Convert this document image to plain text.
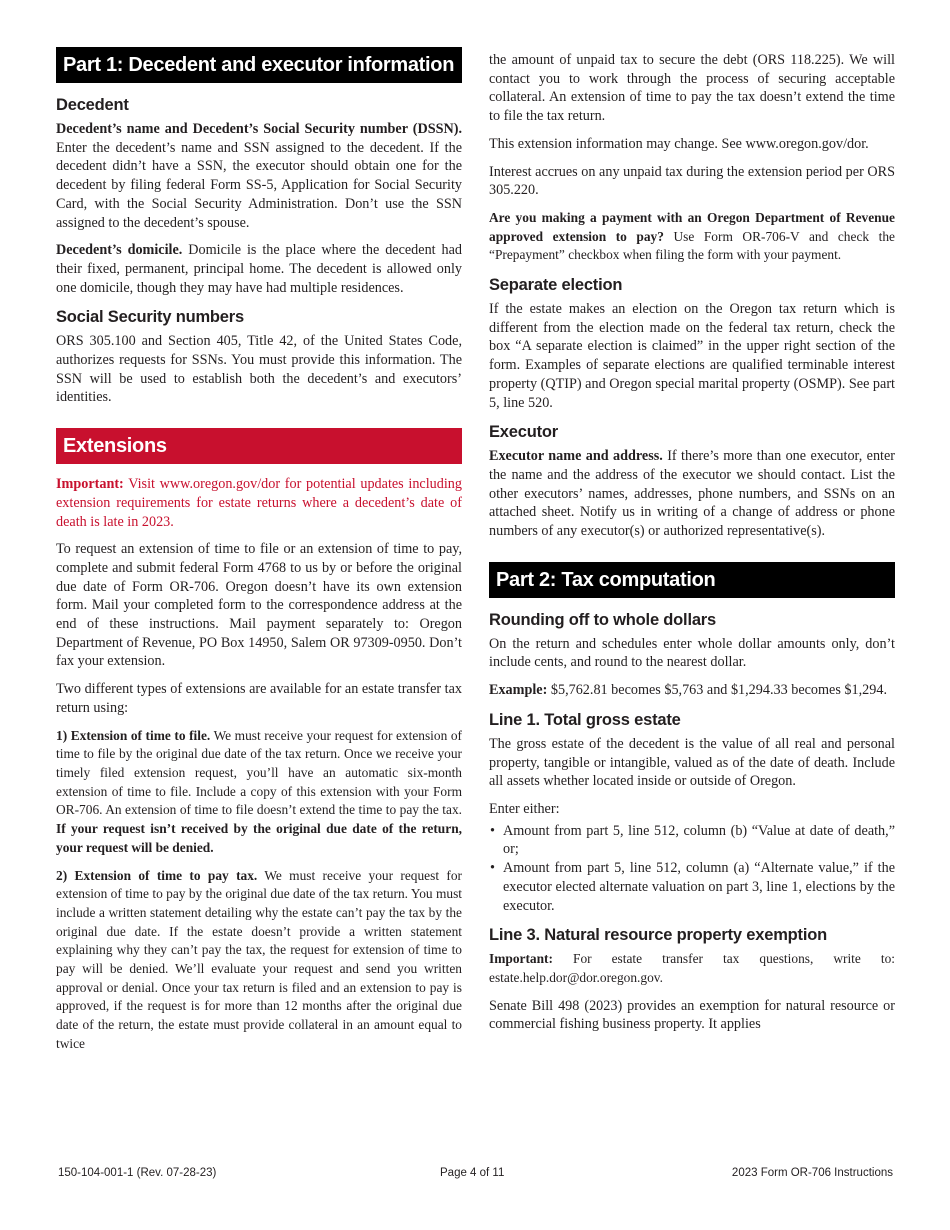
Part 1: Decedent and executor information
Decedent

Decedent’s name and Decedent’s Social Security number (DSSN). Enter the decedent’s name and SSN assigned to the decedent. If the decedent didn’t have a SSN, the executor should obtain one for the decedent by filing federal Form SS-5, Application for Social Security Card, with the Social Security Administration. Don’t use the SSN assigned to the decedent’s spouse.

Decedent’s domicile. Domicile is the place where the decedent had their fixed, permanent, principal home. The decedent is allowed only one domicile, though they may have had multiple residences.

Social Security numbers

ORS 305.100 and Section 405, Title 42, of the United States Code, authorizes requests for SSNs. You must provide this information. The SSN will be used to establish both the decedent’s and executors’ identities.

Extensions

Important: Visit www.oregon.gov/dor for potential updates including extension requirements for estate returns where a decedent’s date of death is late in 2023.

To request an extension of time to file or an extension of time to pay, complete and submit federal Form 4768 to us by or before the original due date of Form OR-706. Oregon doesn’t have its own extension form. Mail your completed form to the correspondence address at the end of these instructions. Mail payment separately to: Oregon Department of Revenue, PO Box 14950, Salem OR 97309-0950. Don’t fax your extension.

Two different types of extensions are available for an estate transfer tax return using:

1) Extension of time to file. We must receive your request for extension of time to file by the original due date of the tax return. Once we receive your timely filed extension request, you’ll have an automatic six-month extension of time to file. Include a copy of this extension with your Form OR-706. An extension of time to file doesn’t extend the time to pay the tax. If your request isn’t received by the original due date of the return, your request will be denied.

2) Extension of time to pay tax. We must receive your request for extension of time to pay by the original due date of the tax return. You must include a written statement detailing why the estate can’t pay the tax by the original due date. If the estate doesn’t provide a written statement explaining why they can’t pay the tax, the request for extension of time to pay will be denied. We’ll evaluate your request and send you written approval or denial. Once your tax return is filed and an extension to pay is approved, if the request is for more than 12 months after the original due date of the return, the estate must provide collateral in an amount equal to twice

the amount of unpaid tax to secure the debt (ORS 118.225). We will contact you to work through the process of securing acceptable collateral. An extension of time to pay the tax doesn’t extend the time to file the tax return.

This extension information may change. See www.oregon.gov/dor.

Interest accrues on any unpaid tax during the extension period per ORS 305.220.

Are you making a payment with an Oregon Department of Revenue approved extension to pay? Use Form OR-706-V and check the “Prepayment” checkbox when filing the form with your payment.

Separate election

If the estate makes an election on the Oregon tax return which is different from the election made on the federal tax return, check the box “A separate election is claimed” in the upper right section of the form. Examples of separate elections are qualified terminable interest property (QTIP) and Oregon special marital property (OSMP). See part 5, line 520.

Executor

Executor name and address. If there’s more than one executor, enter the name and the address of the executor we should contact. List the other executors’ names, addresses, phone numbers, and SSNs on an attached sheet. Notify us in writing of a change of address or phone numbers of any executor(s) or authorized representative(s).

Part 2: Tax computation
Rounding off to whole dollars

On the return and schedules enter whole dollar amounts only, don’t include cents, and round to the nearest dollar.

Example: $5,762.81 becomes $5,763 and $1,294.33 becomes $1,294.

Line 1. Total gross estate

The gross estate of the decedent is the value of all real and personal property, tangible or intangible, valued as of the date of death. Include all assets whether located inside or outside of Oregon.

Enter either:

• Amount from part 5, line 512, column (b) “Value at date of death,” or;
• Amount from part 5, line 512, column (a) “Alternate value,” if the executor elected alternate valuation on part 3, line 1, elections by the executor.
Line 3. Natural resource property exemption

Important: For estate transfer tax questions, write to: estate.help.dor@dor.oregon.gov.

Senate Bill 498 (2023) provides an exemption for natural resource or commercial fishing business property. It applies

150-104-001-1 (Rev. 07-28-23)	Page 4 of 11	2023 Form OR-706 Instructions
